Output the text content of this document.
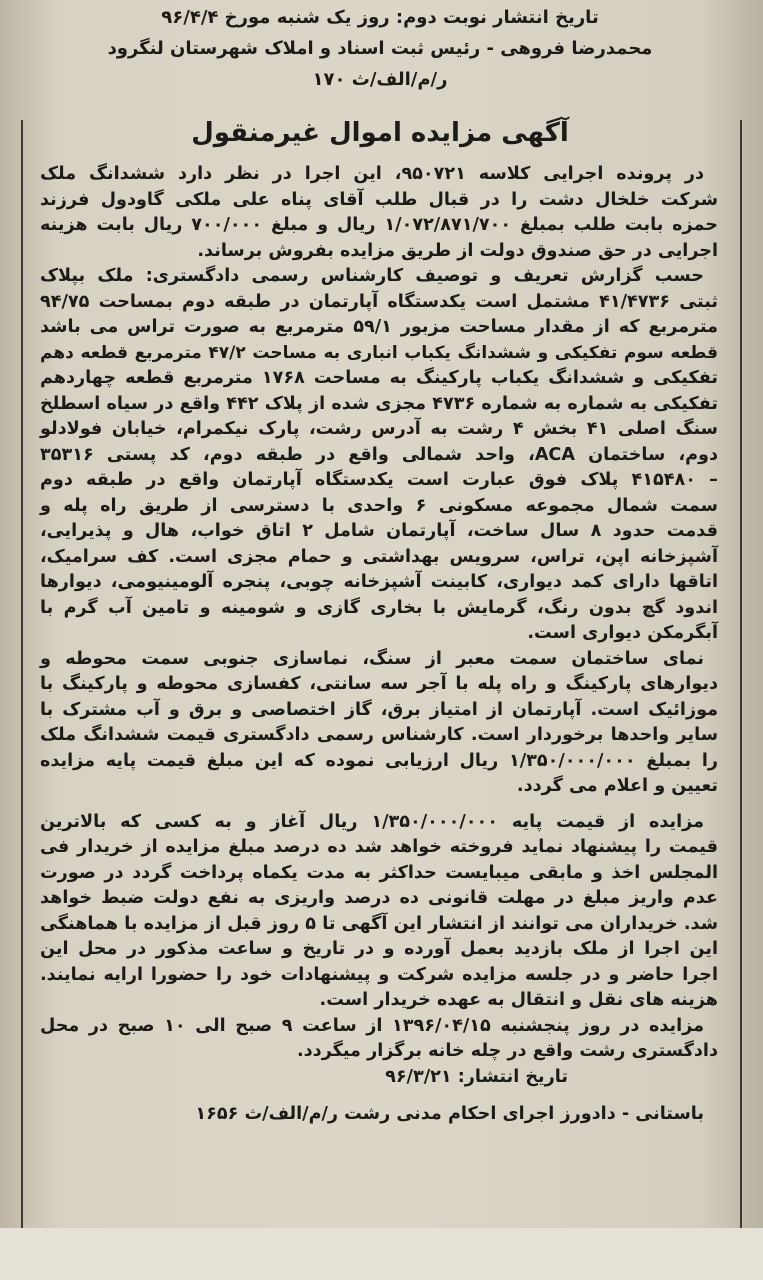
تاریخ انتشار نوبت دوم: روز یک شنبه مورخ ۹۶/۴/۴
محمدرضا فروهی - رئیس ثبت اسناد و املاک شهرستان لنگرود
ر/م/الف/ث ۱۷۰
آگهی مزایده اموال غیرمنقول
در پرونده اجرایی کلاسه ۹۵۰۷۲۱، این اجرا در نظر دارد ششدانگ ملک
شرکت خلخال دشت را در قبال طلب آقای پناه علی ملکی گاودول فرزند
حمزه بابت طلب بمبلغ ۱/۰۷۲/۸۷۱/۷۰۰ ریال و مبلغ ۷۰۰/۰۰۰ ریال بابت هزینه
اجرایی در حق صندوق دولت از طریق مزایده بفروش برساند.
حسب گزارش تعریف و توصیف کارشناس رسمی دادگستری: ملک بپلاک
ثبتی ۴۱/۴۷۳۶ مشتمل است یکدستگاه آپارتمان در طبقه دوم بمساحت ۹۴/۷۵
مترمربع که از مقدار مساحت مزبور ۵۹/۱ مترمربع به صورت تراس می باشد
قطعه سوم تفکیکی و ششدانگ یکباب انباری به مساحت ۴۷/۲ مترمربع قطعه دهم
تفکیکی و ششدانگ یکباب پارکینگ به مساحت ۱۷۶۸ مترمربع قطعه چهاردهم
تفکیکی به شماره به شماره ۴۷۳۶ مجزی شده از پلاک ۴۴۲ واقع در سیاه اسطلخ
سنگ اصلی ۴۱ بخش ۴ رشت به آدرس رشت، پارک نیکمرام، خیابان فولادلو
دوم، ساختمان ACA، واحد شمالی واقع در طبقه دوم، کد پستی ۳۵۳۱۶
– ۴۱۵۴۸۰ پلاک فوق عبارت است یکدستگاه آپارتمان واقع در طبقه دوم
سمت شمال مجموعه مسکونی ۶ واحدی با دسترسی از طریق راه پله و
قدمت حدود ۸ سال ساخت، آپارتمان شامل ۲ اتاق خواب، هال و پذیرایی،
آشپزخانه اپن، تراس، سرویس بهداشتی و حمام مجزی است. کف سرامیک،
اتاقها دارای کمد دیواری، کابینت آشپزخانه چوبی، پنجره آلومینیومی، دیوارها
اندود گچ بدون رنگ، گرمایش با بخاری گازی و شومینه و تامین آب گرم با
آبگرمکن دیواری است.
نمای ساختمان سمت معبر از سنگ، نماسازی جنوبی سمت محوطه و
دیوارهای پارکینگ و راه پله با آجر سه سانتی، کفسازی محوطه و پارکینگ با
موزائیک است. آپارتمان از امتیاز برق، گاز اختصاصی و برق و آب مشترک با
سایر واحدها برخوردار است. کارشناس رسمی دادگستری قیمت ششدانگ ملک
را بمبلغ ۱/۳۵۰/۰۰۰/۰۰۰ ریال ارزیابی نموده که این مبلغ قیمت پایه مزایده
تعیین و اعلام می گردد.
مزایده از قیمت پایه ۱/۳۵۰/۰۰۰/۰۰۰ ریال آغاز و به کسی که بالاترین
قیمت را پیشنهاد نماید فروخته خواهد شد ده درصد مبلغ مزایده از خریدار فی
المجلس اخذ و مابقی میبایست حداکثر به مدت یکماه پرداخت گردد در صورت
عدم واریز مبلغ در مهلت قانونی ده درصد واریزی به نفع دولت ضبط خواهد
شد. خریداران می توانند از انتشار این آگهی تا ۵ روز قبل از مزایده با هماهنگی
این اجرا از ملک بازدید بعمل آورده و در تاریخ و ساعت مذکور در محل این
اجرا حاضر و در جلسه مزایده شرکت و پیشنهادات خود را حضورا ارایه نمایند.
هزینه های نقل و انتقال به عهده خریدار است.
مزایده در روز پنجشنبه ۱۳۹۶/۰۴/۱۵ از ساعت ۹ صبح الی ۱۰ صبح در محل
دادگستری رشت واقع در چله خانه برگزار میگردد.
تاریخ انتشار: ۹۶/۳/۲۱
باستانی - دادورز اجرای احکام مدنی رشت ر/م/الف/ث ۱۶۵۶
